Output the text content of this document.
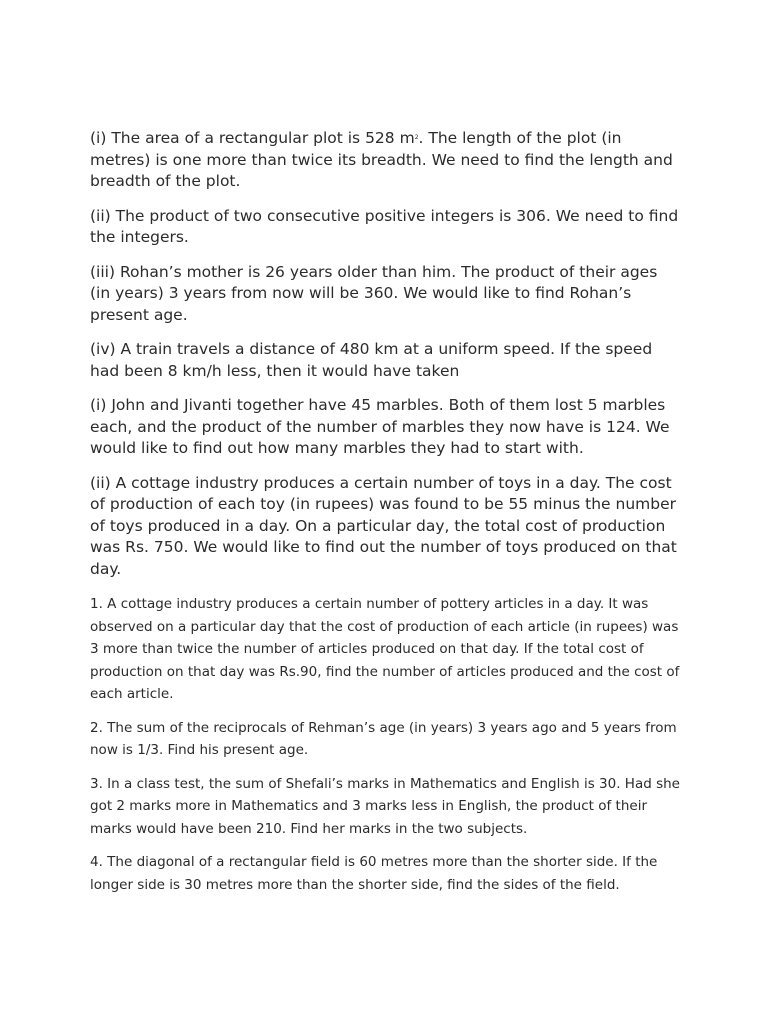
(i) The area of a rectangular plot is 528 $m^2$. The length of the plot (in metres) is one more than twice its breadth. We need to find the length and breadth of the plot.

(ii) The product of two consecutive positive integers is 306. We need to find the integers.

(iii) Rohan’s mother is 26 years older than him. The product of their ages (in years) 3 years from now will be 360. We would like to find Rohan’s present age.

(iv) A train travels a distance of 480 km at a uniform speed. If the speed had been 8 km/h less, then it would have taken

(i) John and Jivanti together have 45 marbles. Both of them lost 5 marbles each, and the product of the number of marbles they now have is 124. We would like to find out how many marbles they had to start with.

(ii) A cottage industry produces a certain number of toys in a day. The cost of production of each toy (in rupees) was found to be 55 minus the number of toys produced in a day. On a particular day, the total cost of production was Rs. 750. We would like to find out the number of toys produced on that day.

1. A cottage industry produces a certain number of pottery articles in a day. It was observed on a particular day that the cost of production of each article (in rupees) was 3 more than twice the number of articles produced on that day. If the total cost of production on that day was Rs.90, find the number of articles produced and the cost of each article.

2. The sum of the reciprocals of Rehman’s age (in years) 3 years ago and 5 years from now is 1/3. Find his present age.

3. In a class test, the sum of Shefali’s marks in Mathematics and English is 30. Had she got 2 marks more in Mathematics and 3 marks less in English, the product of their marks would have been 210. Find her marks in the two subjects.

4. The diagonal of a rectangular field is 60 metres more than the shorter side. If the longer side is 30 metres more than the shorter side, find the sides of the field.
